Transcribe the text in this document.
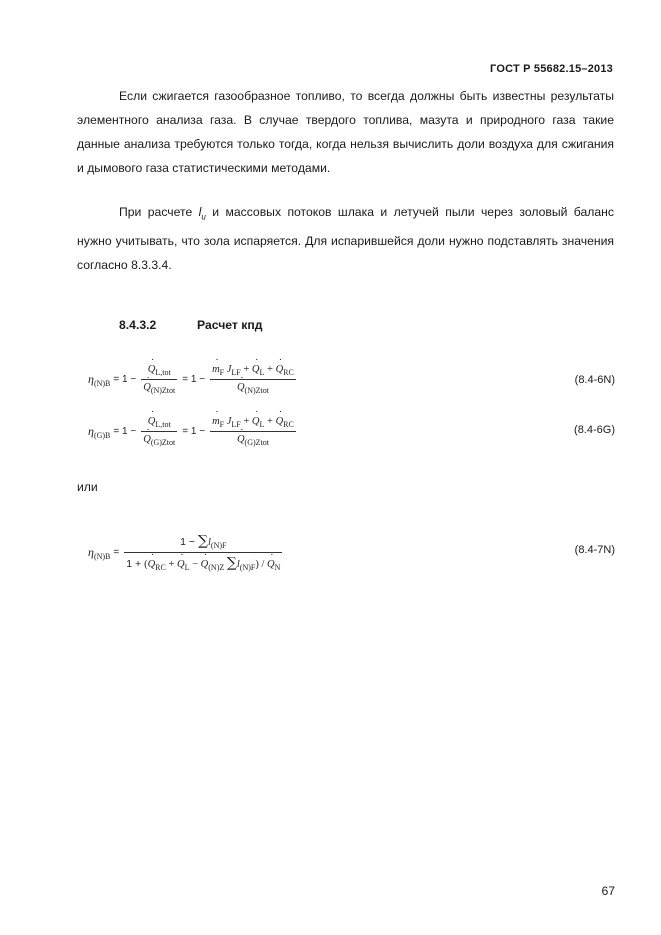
ГОСТ Р 55682.15–2013
Если сжигается газообразное топливо, то всегда должны быть известны результаты элементного анализа газа. В случае твердого топлива, мазута и природного газа такие данные анализа требуются только тогда, когда нельзя вычислить доли воздуха для сжигания и дымового газа статистическими методами.
При расчете $l_u$ и массовых потоков шлака и летучей пыли через золовый баланс нужно учитывать, что зола испаряется. Для испарившейся доли нужно подставлять значения согласно 8.3.3.4.
8.4.3.2	Расчет кпд
$\eta_{(N)B} = 1$ − ˙ $Q_{L,tot}$
˙ $Q_{(N)Ztot} = 1$ − ˙ $m_F$ $J_{LF}$ + ˙ $Q_L$ + ˙ $Q_{RC}$
˙ $Q_{(N)Ztot}$	(8.4-6N)
$\eta_{(G)B} = 1$ − ˙ $Q_{L,tot}$
˙ $Q_{(G)Ztot} = 1$ − ˙ $m_F$ $J_{LF}$ + ˙ $Q_L$ + ˙ $Q_{RC}$
˙ $Q_{(G)Ztot}$	(8.4-6G)
или
$\eta_{(N)B} = \frac{1 - \sum l_{(N)F}}{1 + (˙ Q_{RC} + ˙ Q_L - ˙ Q_{(N)Z} \sum l_{(N)F}) / ˙ Q_N}$	(8.4-7N)
67
